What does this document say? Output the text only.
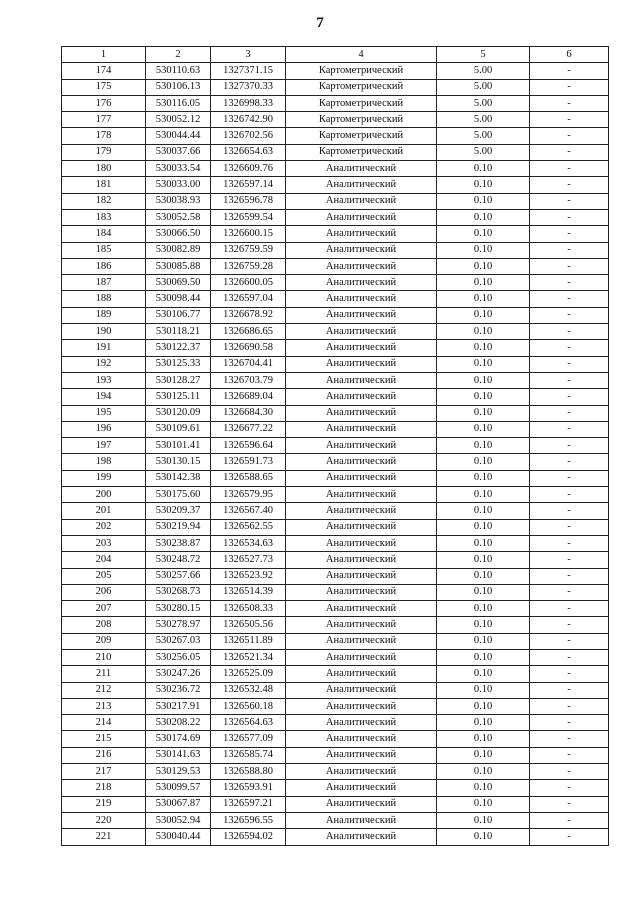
7
1	2	3	4	5	6
174	530110.63	1327371.15	Картометрический	5.00	-
175	530106.13	1327370.33	Картометрический	5.00	-
176	530116.05	1326998.33	Картометрический	5.00	-
177	530052.12	1326742.90	Картометрический	5.00	-
178	530044.44	1326702.56	Картометрический	5.00	-
179	530037.66	1326654.63	Картометрический	5.00	-
180	530033.54	1326609.76	Аналитический	0.10	-
181	530033.00	1326597.14	Аналитический	0.10	-
182	530038.93	1326596.78	Аналитический	0.10	-
183	530052.58	1326599.54	Аналитический	0.10	-
184	530066.50	1326600.15	Аналитический	0.10	-
185	530082.89	1326759.59	Аналитический	0.10	-
186	530085.88	1326759.28	Аналитический	0.10	-
187	530069.50	1326600.05	Аналитический	0.10	-
188	530098.44	1326597.04	Аналитический	0.10	-
189	530106.77	1326678.92	Аналитический	0.10	-
190	530118.21	1326686.65	Аналитический	0.10	-
191	530122.37	1326690.58	Аналитический	0.10	-
192	530125.33	1326704.41	Аналитический	0.10	-
193	530128.27	1326703.79	Аналитический	0.10	-
194	530125.11	1326689.04	Аналитический	0.10	-
195	530120.09	1326684.30	Аналитический	0.10	-
196	530109.61	1326677.22	Аналитический	0.10	-
197	530101.41	1326596.64	Аналитический	0.10	-
198	530130.15	1326591.73	Аналитический	0.10	-
199	530142.38	1326588.65	Аналитический	0.10	-
200	530175.60	1326579.95	Аналитический	0.10	-
201	530209.37	1326567.40	Аналитический	0.10	-
202	530219.94	1326562.55	Аналитический	0.10	-
203	530238.87	1326534.63	Аналитический	0.10	-
204	530248.72	1326527.73	Аналитический	0.10	-
205	530257.66	1326523.92	Аналитический	0.10	-
206	530268.73	1326514.39	Аналитический	0.10	-
207	530280.15	1326508.33	Аналитический	0.10	-
208	530278.97	1326505.56	Аналитический	0.10	-
209	530267.03	1326511.89	Аналитический	0.10	-
210	530256.05	1326521.34	Аналитический	0.10	-
211	530247.26	1326525.09	Аналитический	0.10	-
212	530236.72	1326532.48	Аналитический	0.10	-
213	530217.91	1326560.18	Аналитический	0.10	-
214	530208.22	1326564.63	Аналитический	0.10	-
215	530174.69	1326577.09	Аналитический	0.10	-
216	530141.63	1326585.74	Аналитический	0.10	-
217	530129.53	1326588.80	Аналитический	0.10	-
218	530099.57	1326593.91	Аналитический	0.10	-
219	530067.87	1326597.21	Аналитический	0.10	-
220	530052.94	1326596.55	Аналитический	0.10	-
221	530040.44	1326594.02	Аналитический	0.10	-
